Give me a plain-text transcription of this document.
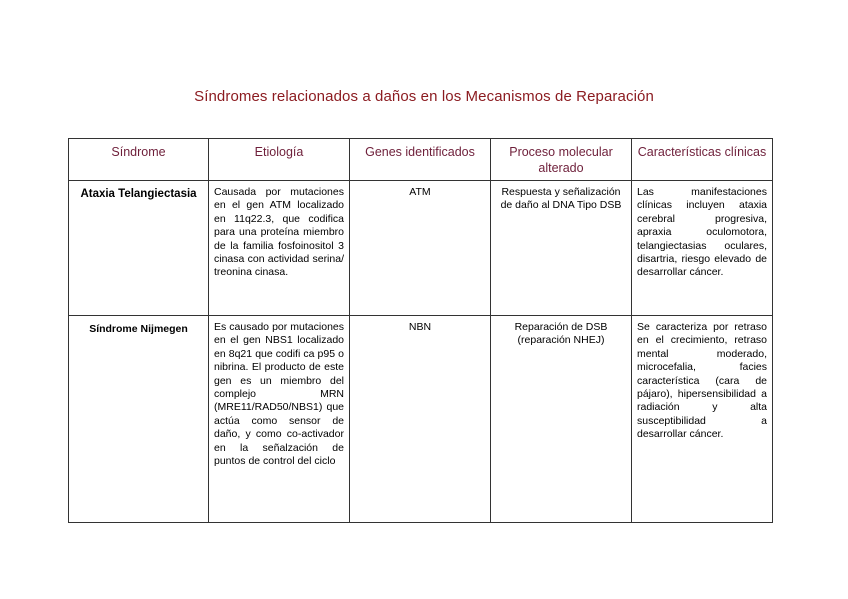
Síndromes relacionados a daños en los Mecanismos de Reparación
Síndrome	Etiología	Genes identificados	Proceso molecular alterado	Características clínicas

Ataxia Telangiectasia	Causada por mutaciones en el gen ATM localizado en 11q22.3, que codifica para una proteína miembro de la familia fosfoinositol 3 cinasa con actividad serina/ treonina cinasa.	ATM	Respuesta y señalización de daño al DNA Tipo DSB	Las manifestaciones clínicas incluyen ataxia cerebral progresiva, apraxia oculomotora, telangiectasias oculares, disartria, riesgo elevado de desarrollar cáncer.

Síndrome Nijmegen	Es causado por mutaciones en el gen NBS1 localizado en 8q21 que codifi ca p95 o nibrina. El producto de este gen es un miembro del complejo MRN (MRE11/RAD50/NBS1) que actúa como sensor de daño, y como co-activador en la señalzación de puntos de control del ciclo	NBN	Reparación de DSB (reparación NHEJ)	Se caracteriza por retraso en el crecimiento, retraso mental moderado, microcefalia, facies característica (cara de pájaro), hipersensibilidad a radiación y alta susceptibilidad a desarrollar cáncer.
